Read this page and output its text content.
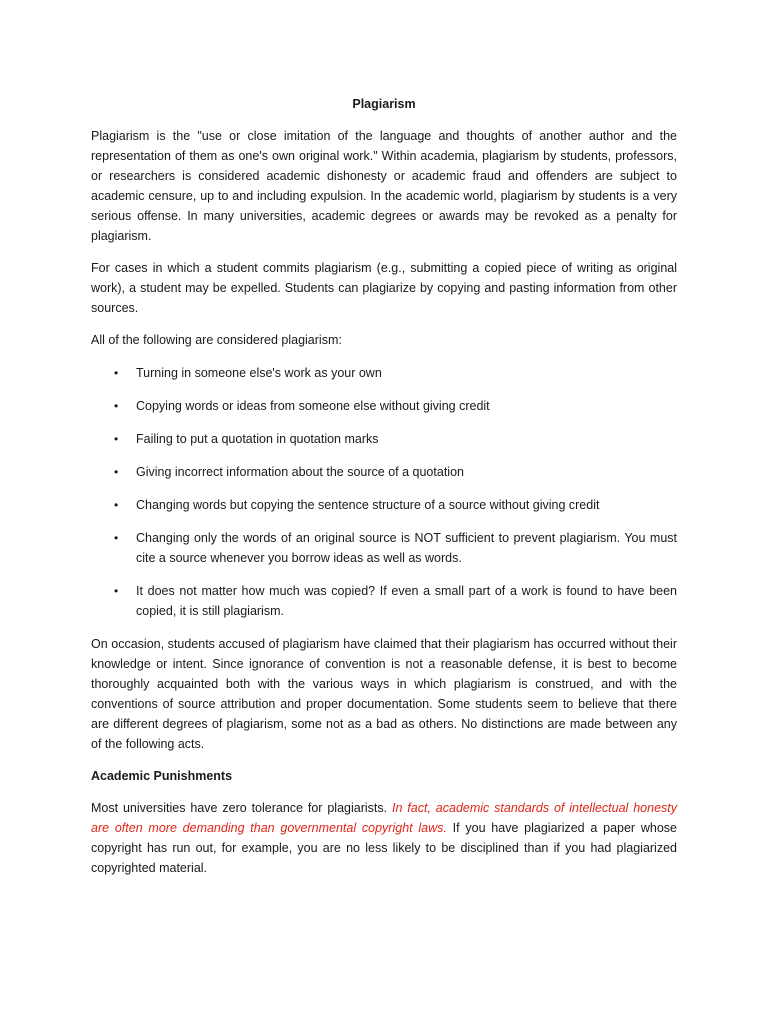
Plagiarism

Plagiarism is the "use or close imitation of the language and thoughts of another author and the representation of them as one's own original work." Within academia, plagiarism by students, professors, or researchers is considered academic dishonesty or academic fraud and offenders are subject to academic censure, up to and including expulsion. In the academic world, plagiarism by students is a very serious offense. In many universities, academic degrees or awards may be revoked as a penalty for plagiarism.

For cases in which a student commits plagiarism (e.g., submitting a copied piece of writing as original work), a student may be expelled. Students can plagiarize by copying and pasting information from other sources.

All of the following are considered plagiarism:

• Turning in someone else's work as your own
• Copying words or ideas from someone else without giving credit
• Failing to put a quotation in quotation marks
• Giving incorrect information about the source of a quotation
• Changing words but copying the sentence structure of a source without giving credit
• Changing only the words of an original source is NOT sufficient to prevent plagiarism. You must cite a source whenever you borrow ideas as well as words.
• It does not matter how much was copied? If even a small part of a work is found to have been copied, it is still plagiarism.

On occasion, students accused of plagiarism have claimed that their plagiarism has occurred without their knowledge or intent. Since ignorance of convention is not a reasonable defense, it is best to become thoroughly acquainted both with the various ways in which plagiarism is construed, and with the conventions of source attribution and proper documentation. Some students seem to believe that there are different degrees of plagiarism, some not as a bad as others. No distinctions are made between any of the following acts.

Academic Punishments

Most universities have zero tolerance for plagiarists. In fact, academic standards of intellectual honesty are often more demanding than governmental copyright laws. If you have plagiarized a paper whose copyright has run out, for example, you are no less likely to be disciplined than if you had plagiarized copyrighted material.
